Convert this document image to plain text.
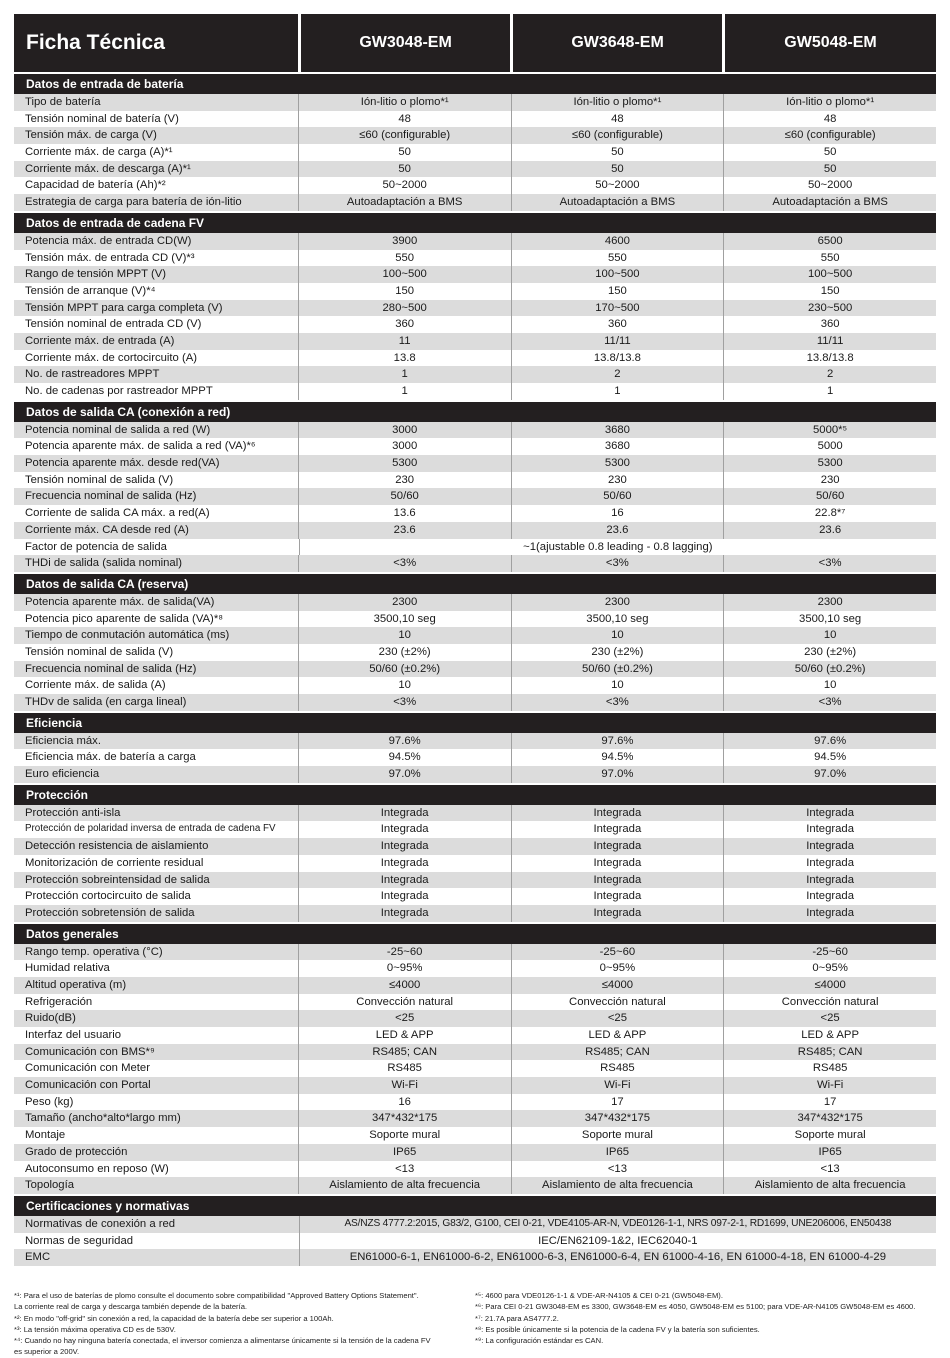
Ficha Técnica	GW3048-EM	GW3648-EM	GW5048-EM
Datos de entrada de batería
Tipo de batería	Ión-litio o plomo*¹	Ión-litio o plomo*¹	Ión-litio o plomo*¹
Tensión nominal de batería (V)	48	48	48
Tensión máx. de carga (V)	≤60 (configurable)	≤60 (configurable)	≤60 (configurable)
Corriente máx. de carga (A)*¹	50	50	50
Corriente máx. de descarga (A)*¹	50	50	50
Capacidad de batería (Ah)*²	50~2000	50~2000	50~2000
Estrategia de carga para batería de ión-litio	Autoadaptación a BMS	Autoadaptación a BMS	Autoadaptación a BMS
Datos de entrada de cadena FV
Potencia máx. de entrada CD(W)	3900	4600	6500
Tensión máx. de entrada CD (V)*³	550	550	550
Rango de tensión MPPT (V)	100~500	100~500	100~500
Tensión de arranque (V)*⁴	150	150	150
Tensión MPPT para carga completa (V)	280~500	170~500	230~500
Tensión nominal de entrada CD (V)	360	360	360
Corriente máx. de entrada (A)	11	11/11	11/11
Corriente máx. de cortocircuito (A)	13.8	13.8/13.8	13.8/13.8
No. de rastreadores MPPT	1	2	2
No. de cadenas por rastreador MPPT	1	1	1
Datos de salida CA (conexión a red)
Potencia nominal de salida a red (W)	3000	3680	5000*⁵
Potencia aparente máx. de salida a red (VA)*⁶	3000	3680	5000
Potencia aparente máx. desde red(VA)	5300	5300	5300
Tensión nominal de salida (V)	230	230	230
Frecuencia nominal de salida (Hz)	50/60	50/60	50/60
Corriente de salida CA máx. a red(A)	13.6	16	22.8*⁷
Corriente máx. CA desde red (A)	23.6	23.6	23.6
Factor de potencia de salida	~1(ajustable 0.8 leading - 0.8 lagging)
THDi de salida (salida nominal)	<3%	<3%	<3%
Datos de salida CA (reserva)
Potencia aparente máx. de salida(VA)	2300	2300	2300
Potencia pico aparente de salida (VA)*⁸	3500,10 seg	3500,10 seg	3500,10 seg
Tiempo de conmutación automática (ms)	10	10	10
Tensión nominal de salida (V)	230 (±2%)	230 (±2%)	230 (±2%)
Frecuencia nominal de salida (Hz)	50/60 (±0.2%)	50/60 (±0.2%)	50/60 (±0.2%)
Corriente máx. de salida (A)	10	10	10
THDv de salida (en carga lineal)	<3%	<3%	<3%
Eficiencia
Eficiencia máx.	97.6%	97.6%	97.6%
Eficiencia máx. de batería a carga	94.5%	94.5%	94.5%
Euro eficiencia	97.0%	97.0%	97.0%
Protección
Protección anti-isla	Integrada	Integrada	Integrada
Protección de polaridad inversa de entrada de cadena FV	Integrada	Integrada	Integrada
Detección resistencia de aislamiento	Integrada	Integrada	Integrada
Monitorización de corriente residual	Integrada	Integrada	Integrada
Protección sobreintensidad de salida	Integrada	Integrada	Integrada
Protección cortocircuito de salida	Integrada	Integrada	Integrada
Protección sobretensión de salida	Integrada	Integrada	Integrada
Datos generales
Rango temp. operativa (°C)	-25~60	-25~60	-25~60
Humidad relativa	0~95%	0~95%	0~95%
Altitud operativa (m)	≤4000	≤4000	≤4000
Refrigeración	Convección natural	Convección natural	Convección natural
Ruido(dB)	<25	<25	<25
Interfaz del usuario	LED & APP	LED & APP	LED & APP
Comunicación con BMS*⁹	RS485; CAN	RS485; CAN	RS485; CAN
Comunicación con Meter	RS485	RS485	RS485
Comunicación con Portal	Wi-Fi	Wi-Fi	Wi-Fi
Peso (kg)	16	17	17
Tamaño (ancho*alto*largo mm)	347*432*175	347*432*175	347*432*175
Montaje	Soporte mural	Soporte mural	Soporte mural
Grado de protección	IP65	IP65	IP65
Autoconsumo en reposo (W)	<13	<13	<13
Topología	Aislamiento de alta frecuencia	Aislamiento de alta frecuencia	Aislamiento de alta frecuencia
Certificaciones y normativas
Normativas de conexión a red	AS/NZS 4777.2:2015, G83/2, G100, CEI 0-21, VDE4105-AR-N, VDE0126-1-1, NRS 097-2-1, RD1699, UNE206006, EN50438
Normas de seguridad	IEC/EN62109-1&2, IEC62040-1
EMC	EN61000-6-1, EN61000-6-2, EN61000-6-3, EN61000-6-4, EN 61000-4-16, EN 61000-4-18, EN 61000-4-29
*¹: Para el uso de baterías de plomo consulte el documento sobre compatibilidad "Approved Battery Options Statement".
La corriente real de carga y descarga también depende de la batería.
*²: En modo "off-grid" sin conexión a red, la capacidad de la batería debe ser superior a 100Ah.
*³: La tensión máxima operativa CD es de 530V.
*⁴: Cuando no hay ninguna batería conectada, el inversor comienza a alimentarse únicamente si la tensión de la cadena FV
es superior a 200V.
*⁵: 4600 para VDE0126-1-1 & VDE-AR-N4105 & CEI 0-21 (GW5048-EM).
*⁶: Para CEI 0-21 GW3048-EM es 3300, GW3648-EM es 4050, GW5048-EM es 5100; para VDE-AR-N4105 GW5048-EM es 4600.
*⁷: 21.7A para AS4777.2.
*⁸: Es posible únicamente si la potencia de la cadena FV y la batería son suficientes.
*⁹: La configuración estándar es CAN.
